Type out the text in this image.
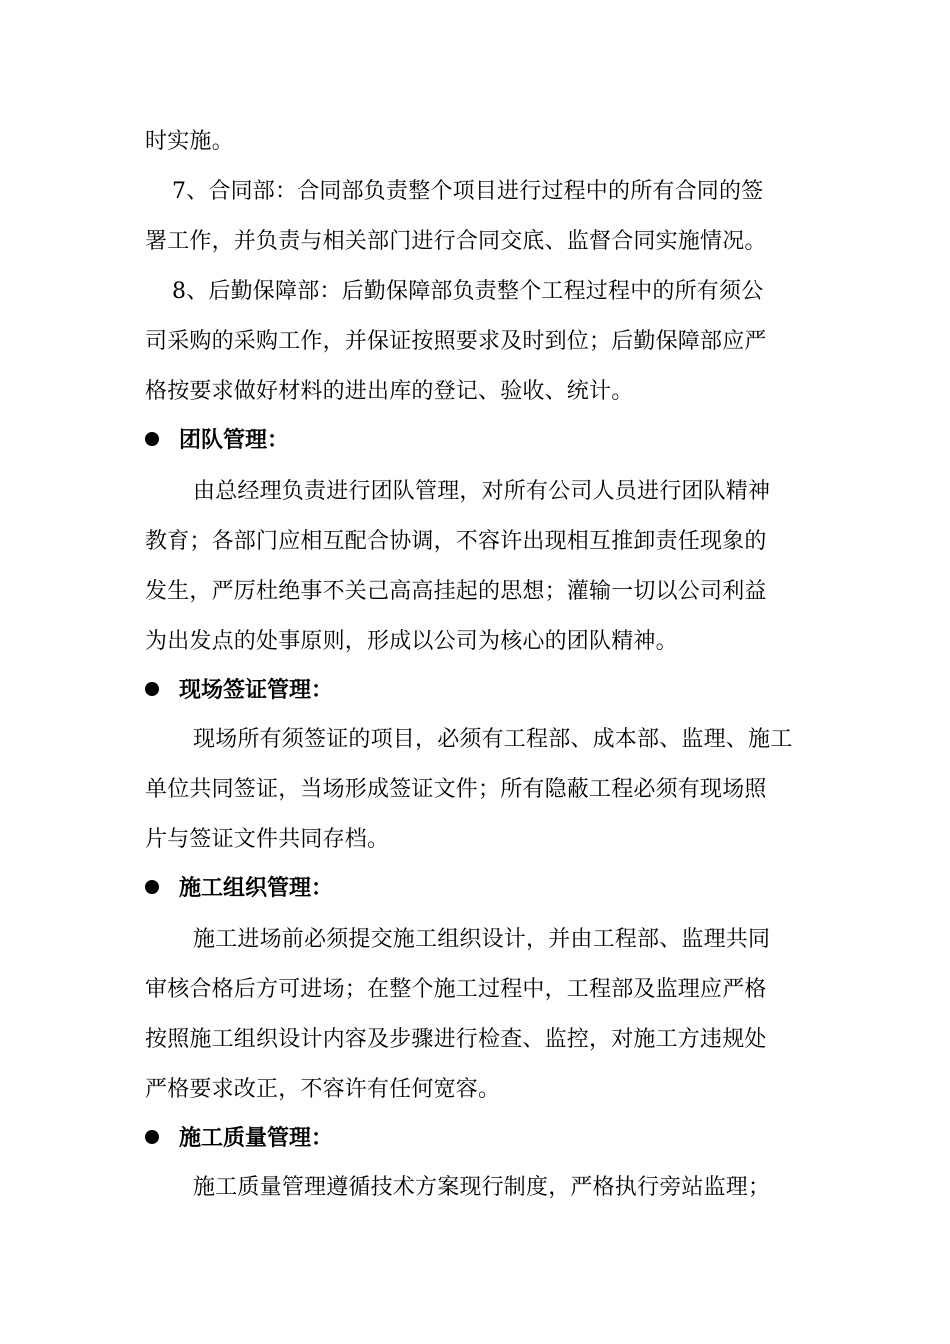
时实施。
7、合同部：合同部负责整个项目进行过程中的所有合同的签
署工作，并负责与相关部门进行合同交底、监督合同实施情况。
8、后勤保障部：后勤保障部负责整个工程过程中的所有须公
司采购的采购工作，并保证按照要求及时到位；后勤保障部应严
格按要求做好材料的进出库的登记、验收、统计。
团队管理：
由总经理负责进行团队管理，对所有公司人员进行团队精神
教育；各部门应相互配合协调，不容许出现相互推卸责任现象的
发生，严厉杜绝事不关己高高挂起的思想；灌输一切以公司利益
为出发点的处事原则，形成以公司为核心的团队精神。
现场签证管理：
现场所有须签证的项目，必须有工程部、成本部、监理、施工
单位共同签证，当场形成签证文件；所有隐蔽工程必须有现场照
片与签证文件共同存档。
施工组织管理：
施工进场前必须提交施工组织设计，并由工程部、监理共同
审核合格后方可进场；在整个施工过程中，工程部及监理应严格
按照施工组织设计内容及步骤进行检查、监控，对施工方违规处
严格要求改正，不容许有任何宽容。
施工质量管理：
施工质量管理遵循技术方案现行制度，严格执行旁站监理；
